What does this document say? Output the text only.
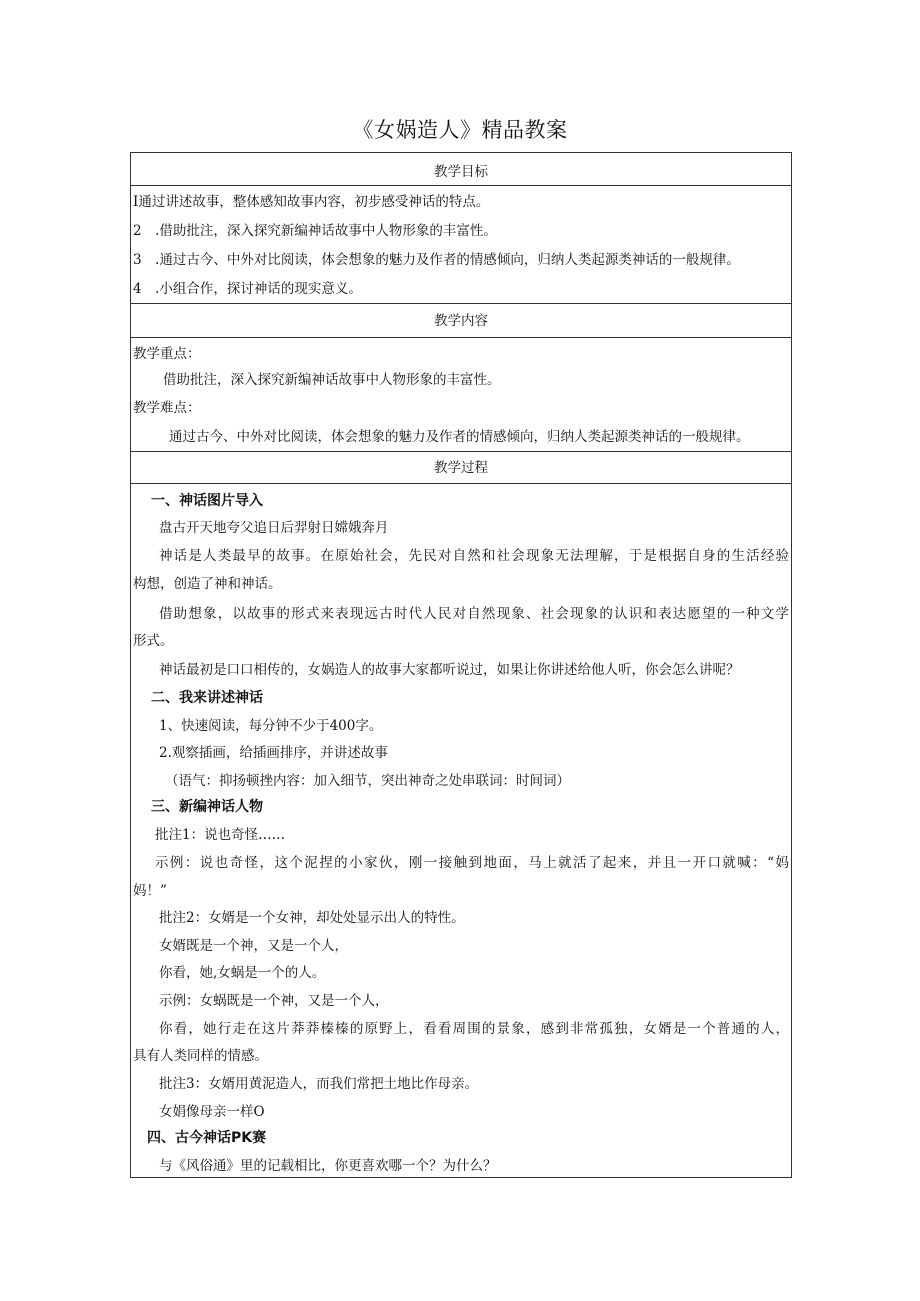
《女娲造人》精品教案
教学目标
I通过讲述故事，整体感知故事内容，初步感受神话的特点。
2　.借助批注，深入探究新编神话故事中人物形象的丰富性。
3　.通过古今、中外对比阅读，体会想象的魅力及作者的情感倾向，归纳人类起源类神话的一般规律。
4　.小组合作，探讨神话的现实意义。
教学内容
教学重点：
借助批注，深入探究新编神话故事中人物形象的丰富性。
教学难点：
通过古今、中外对比阅读，体会想象的魅力及作者的情感倾向，归纳人类起源类神话的一般规律。
教学过程
一、神话图片导入
盘古开天地夸父追日后羿射日嫦娥奔月
神话是人类最早的故事。在原始社会，先民对自然和社会现象无法理解，于是根据自身的生活经验
构想，创造了神和神话。
借助想象，以故事的形式来表现远古时代人民对自然现象、社会现象的认识和表达愿望的一种文学
形式。
神话最初是口口相传的，女娲造人的故事大家都听说过，如果让你讲述给他人听，你会怎么讲呢？
二、我来讲述神话
1、快速阅读，每分钟不少于400字。
2.观察插画，给插画排序，并讲述故事
（语气：抑扬顿挫内容：加入细节，突出神奇之处串联词：时间词）
三、新编神话人物
批注1：说也奇怪……
示例：说也奇怪，这个泥捏的小家伙，刚一接触到地面，马上就活了起来，并且一开口就喊：“妈
妈！”
批注2：女婿是一个女神，却处处显示出人的特性。
女婿既是一个神，又是一个人，
你看，她,女蜗是一个的人。
示例：女蜗既是一个神，又是一个人，
你看，她行走在这片莽莽榛榛的原野上，看看周围的景象，感到非常孤独，女婿是一个普通的人，
具有人类同样的情感。
批注3：女婿用黄泥造人，而我们常把土地比作母亲。
女娟像母亲一样O
四、古今神话PK赛
与《风俗通》里的记载相比，你更喜欢哪一个？为什么？
